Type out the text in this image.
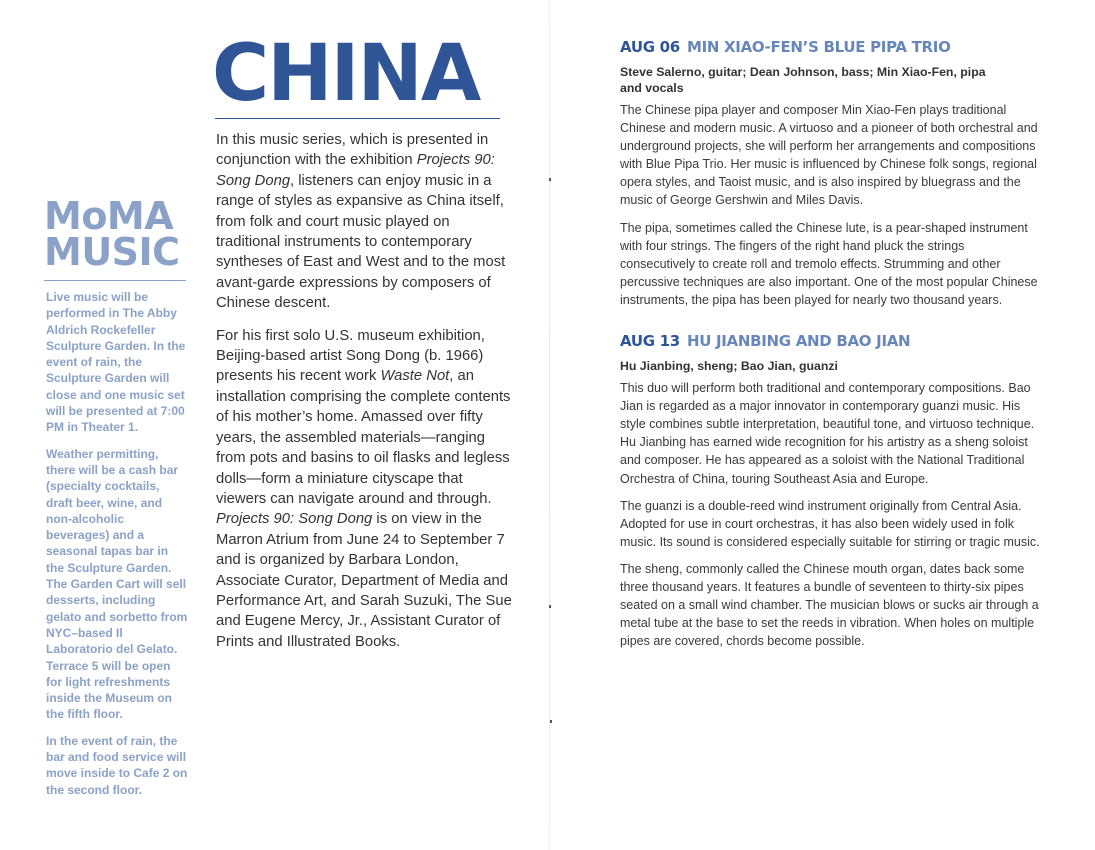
MoMA
MUSIC

Live music will be performed in The Abby Aldrich Rockefeller Sculpture Garden. In the event of rain, the Sculpture Garden will close and one music set will be presented at 7:00 PM in Theater 1.

Weather permitting, there will be a cash bar (specialty cocktails, draft beer, wine, and non-alcoholic beverages) and a seasonal tapas bar in the Sculpture Garden. The Garden Cart will sell desserts, including gelato and sorbetto from NYC–based Il Laboratorio del Gelato. Terrace 5 will be open for light refreshments inside the Museum on the fifth floor.

In the event of rain, the bar and food service will move inside to Cafe 2 on the second floor.

CHINA

In this music series, which is presented in conjunction with the exhibition Projects 90: Song Dong, listeners can enjoy music in a range of styles as expansive as China itself, from folk and court music played on traditional instruments to contemporary syntheses of East and West and to the most avant-garde expressions by composers of Chinese descent.

For his first solo U.S. museum exhibition, Beijing-based artist Song Dong (b. 1966) presents his recent work Waste Not, an installation comprising the complete contents of his mother’s home. Amassed over fifty years, the assembled materials—ranging from pots and basins to oil flasks and legless dolls—form a miniature cityscape that viewers can navigate around and through. Projects 90: Song Dong is on view in the Marron Atrium from June 24 to September 7 and is organized by Barbara London, Associate Curator, Department of Media and Performance Art, and Sarah Suzuki, The Sue and Eugene Mercy, Jr., Assistant Curator of Prints and Illustrated Books.

AUG 06 MIN XIAO-FEN’S BLUE PIPA TRIO

Steve Salerno, guitar; Dean Johnson, bass; Min Xiao-Fen, pipa and vocals

The Chinese pipa player and composer Min Xiao-Fen plays traditional Chinese and modern music. A virtuoso and a pioneer of both orchestral and underground projects, she will perform her arrangements and compositions with Blue Pipa Trio. Her music is influenced by Chinese folk songs, regional opera styles, and Taoist music, and is also inspired by bluegrass and the music of George Gershwin and Miles Davis.

The pipa, sometimes called the Chinese lute, is a pear-shaped instrument with four strings. The fingers of the right hand pluck the strings consecutively to create roll and tremolo effects. Strumming and other percussive techniques are also important. One of the most popular Chinese instruments, the pipa has been played for nearly two thousand years.

AUG 13 HU JIANBING AND BAO JIAN

Hu Jianbing, sheng; Bao Jian, guanzi

This duo will perform both traditional and contemporary compositions. Bao Jian is regarded as a major innovator in contemporary guanzi music. His style combines subtle interpretation, beautiful tone, and virtuoso technique. Hu Jianbing has earned wide recognition for his artistry as a sheng soloist and composer. He has appeared as a soloist with the National Traditional Orchestra of China, touring Southeast Asia and Europe.

The guanzi is a double-reed wind instrument originally from Central Asia. Adopted for use in court orchestras, it has also been widely used in folk music. Its sound is considered especially suitable for stirring or tragic music.

The sheng, commonly called the Chinese mouth organ, dates back some three thousand years. It features a bundle of seventeen to thirty-six pipes seated on a small wind chamber. The musician blows or sucks air through a metal tube at the base to set the reeds in vibration. When holes on multiple pipes are covered, chords become possible.
